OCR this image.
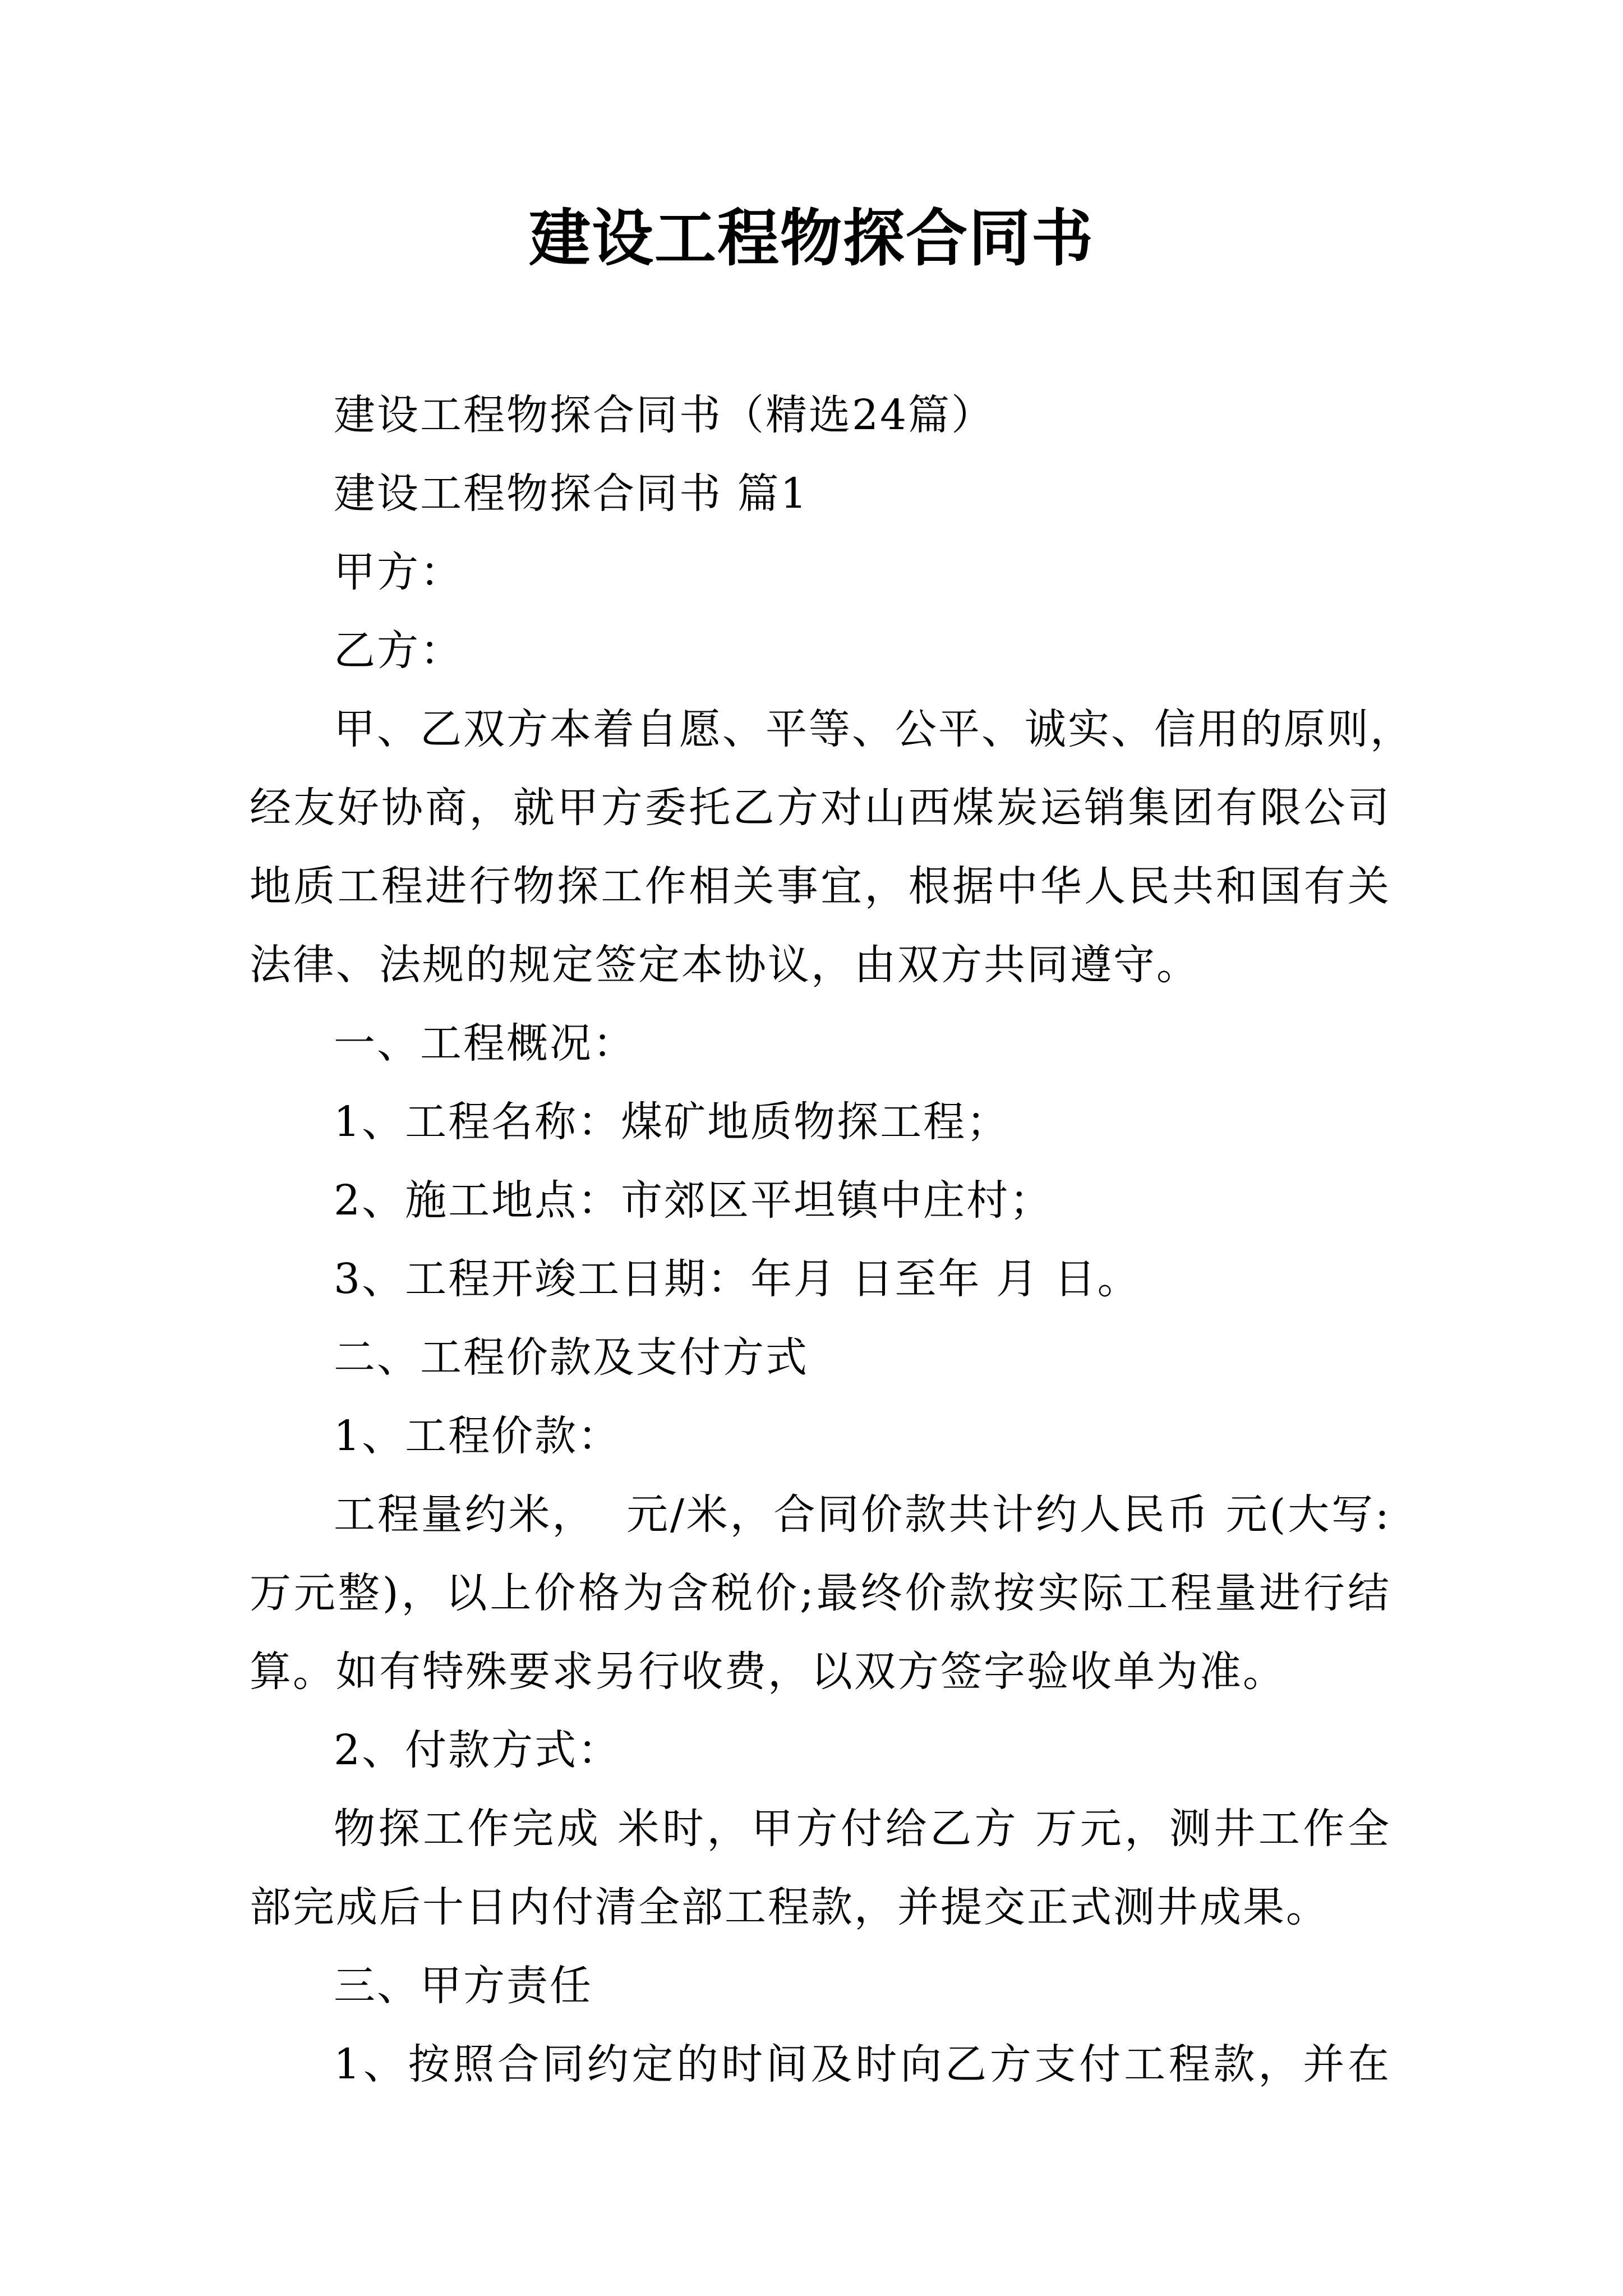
建设工程物探合同书

建设工程物探合同书（精选24篇）

建设工程物探合同书 篇1

甲方：

乙方：

甲、乙双方本着自愿、平等、公平、诚实、信用的原则，

经友好协商，就甲方委托乙方对山西煤炭运销集团有限公司

地质工程进行物探工作相关事宜，根据中华人民共和国有关

法律、法规的规定签定本协议，由双方共同遵守。

一、工程概况：

1、工程名称：煤矿地质物探工程；

2、施工地点：市郊区平坦镇中庄村；

3、工程开竣工日期：年月 日至年 月 日。

二、工程价款及支付方式

1、工程价款：

工程量约米，  元/米，合同价款共计约人民币 元(大写:

万元整)，以上价格为含税价;最终价款按实际工程量进行结

算。如有特殊要求另行收费，以双方签字验收单为准。

2、付款方式：

物探工作完成 米时，甲方付给乙方 万元，测井工作全

部完成后十日内付清全部工程款，并提交正式测井成果。

三、甲方责任

1、按照合同约定的时间及时向乙方支付工程款，并在
